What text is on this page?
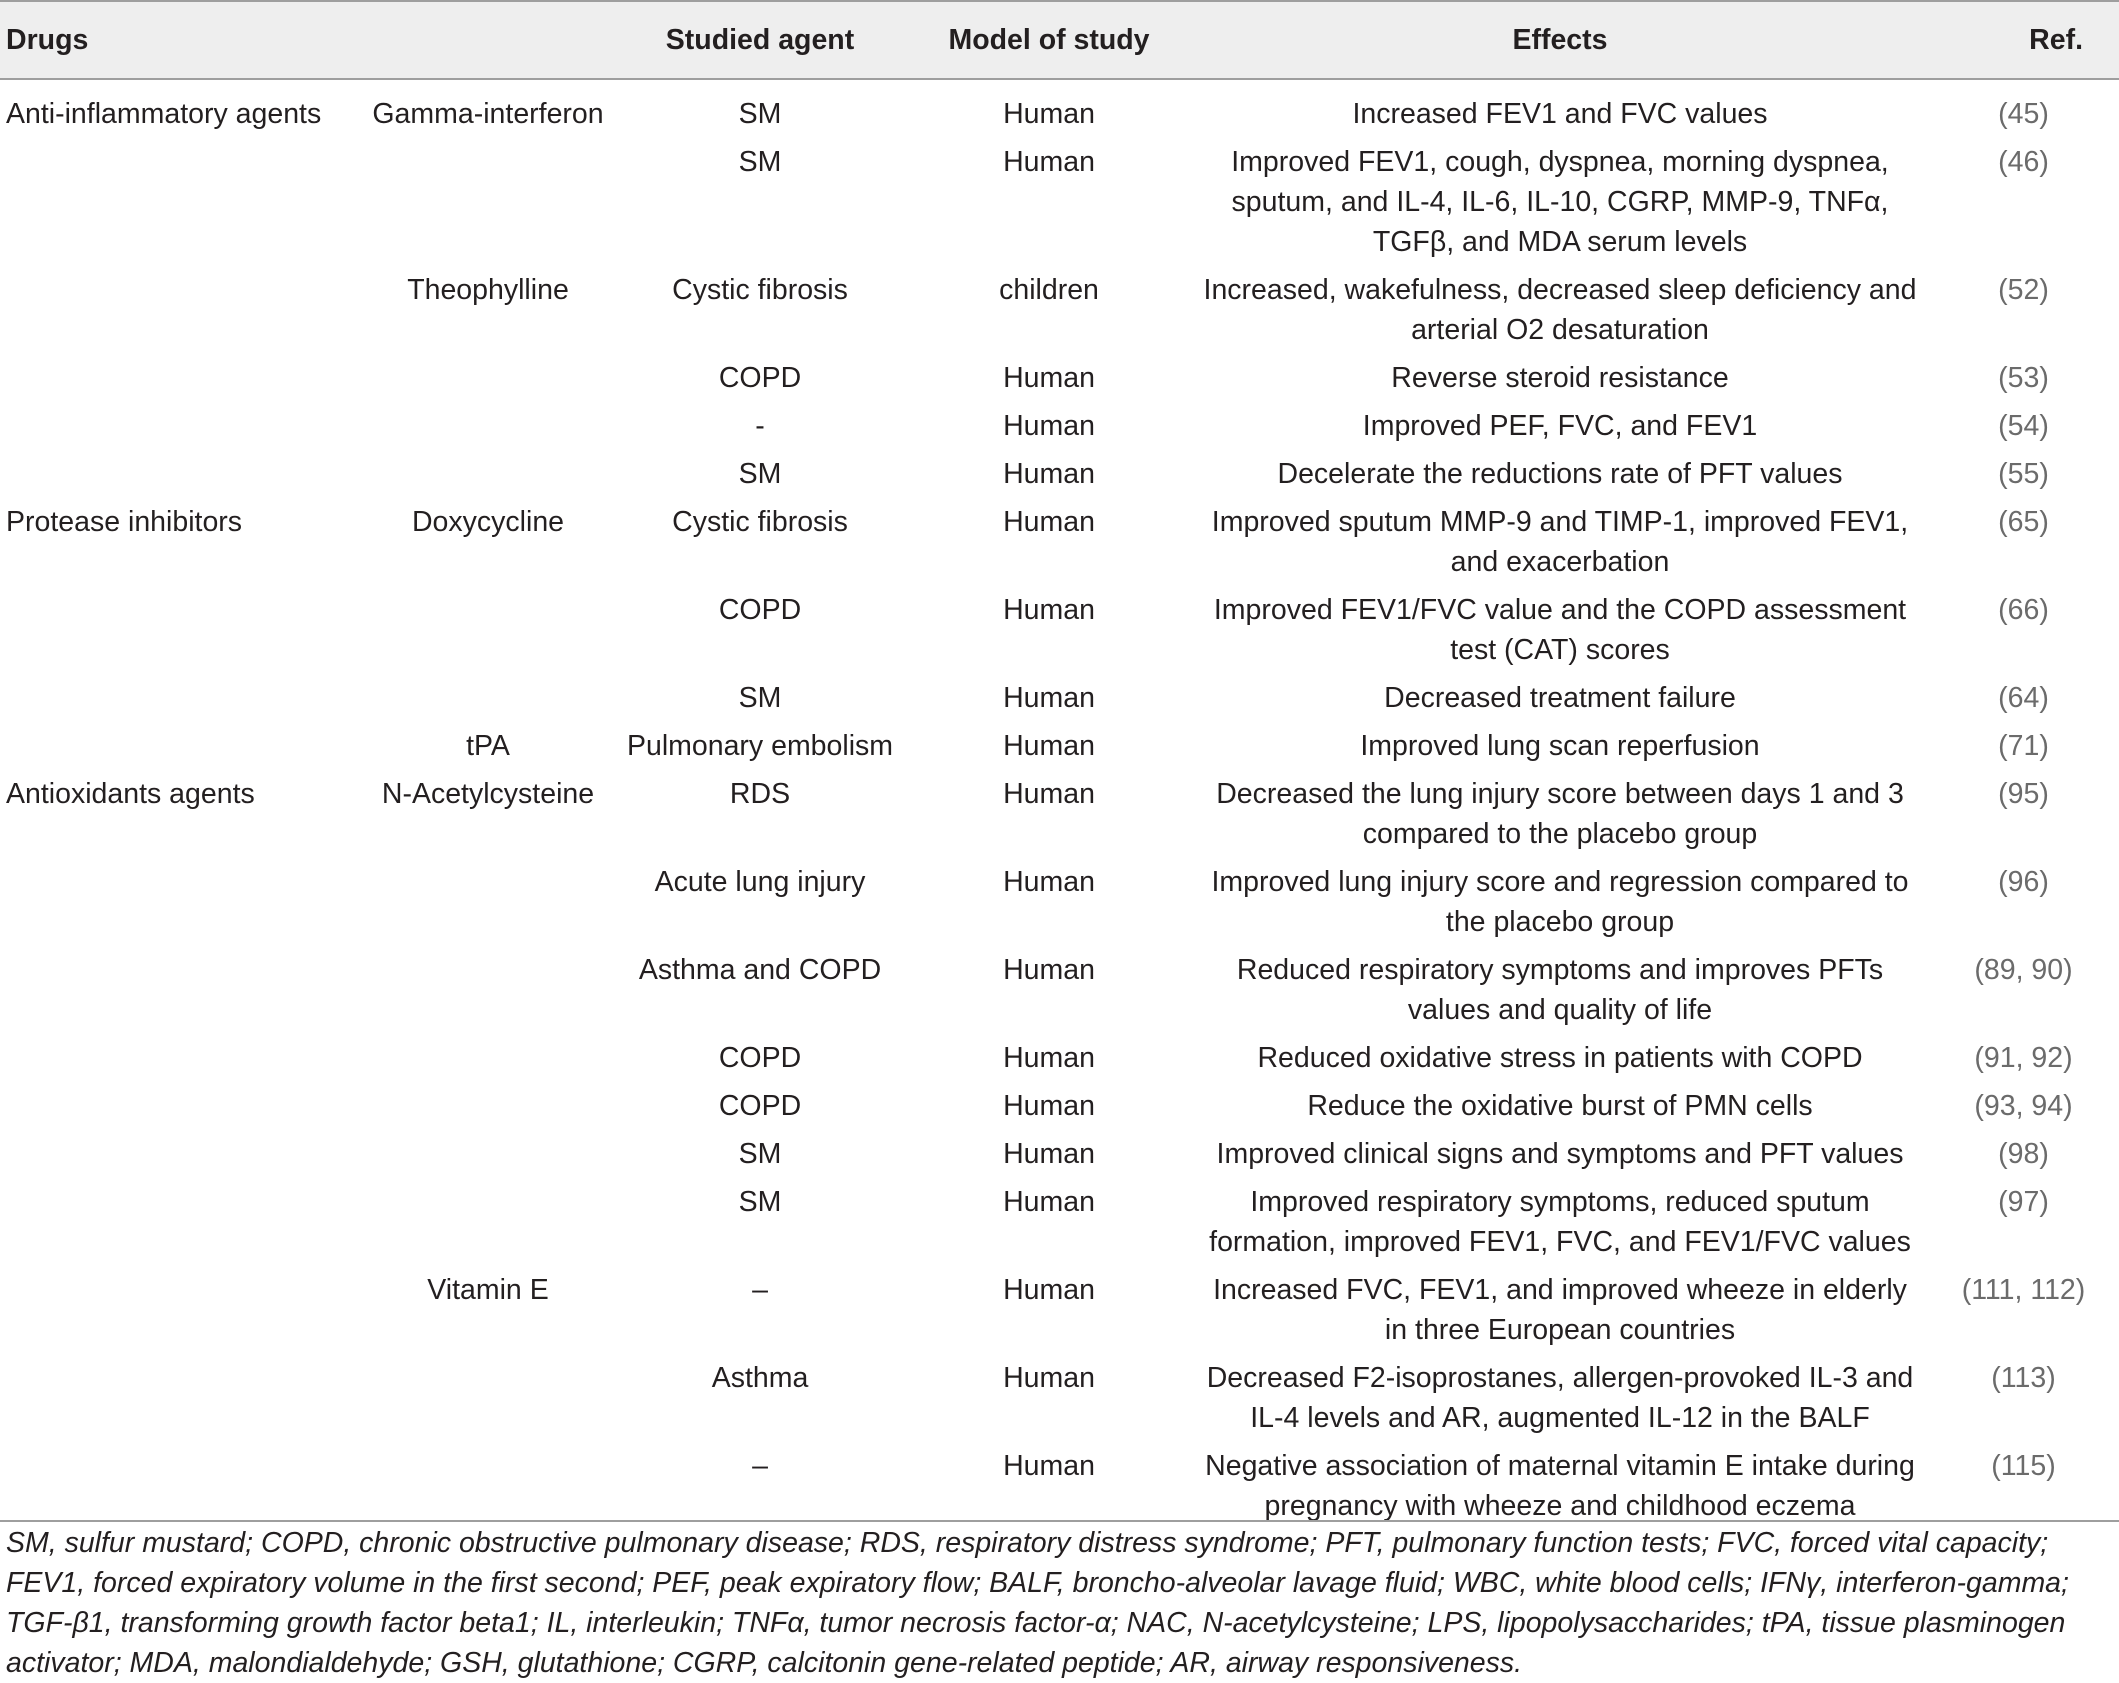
Drugs		Studied agent	Model of study	Effects	Ref.

Anti-inflammatory agents	Gamma-interferon	SM	Human	Increased FEV1 and FVC values	(45)

		SM	Human	Improved FEV1, cough, dyspnea, morning dyspnea, sputum, and IL-4, IL-6, IL-10, CGRP, MMP-9, TNFα, TGFβ, and MDA serum levels	(46)

	Theophylline	Cystic fibrosis	children	Increased, wakefulness, decreased sleep deficiency and arterial O2 desaturation	(52)

		COPD	Human	Reverse steroid resistance	(53)

		-	Human	Improved PEF, FVC, and FEV1	(54)

		SM	Human	Decelerate the reductions rate of PFT values	(55)

Protease inhibitors	Doxycycline	Cystic fibrosis	Human	Improved sputum MMP-9 and TIMP-1, improved FEV1, and exacerbation	(65)

		COPD	Human	Improved FEV1/FVC value and the COPD assessment test (CAT) scores	(66)

		SM	Human	Decreased treatment failure	(64)

	tPA	Pulmonary embolism	Human	Improved lung scan reperfusion	(71)

Antioxidants agents	N-Acetylcysteine	RDS	Human	Decreased the lung injury score between days 1 and 3 compared to the placebo group	(95)

		Acute lung injury	Human	Improved lung injury score and regression compared to the placebo group	(96)

		Asthma and COPD	Human	Reduced respiratory symptoms and improves PFTs values and quality of life	(89, 90)

		COPD	Human	Reduced oxidative stress in patients with COPD	(91, 92)

		COPD	Human	Reduce the oxidative burst of PMN cells	(93, 94)

		SM	Human	Improved clinical signs and symptoms and PFT values	(98)

		SM	Human	Improved respiratory symptoms, reduced sputum formation, improved FEV1, FVC, and FEV1/FVC values	(97)

	Vitamin E	–	Human	Increased FVC, FEV1, and improved wheeze in elderly in three European countries	(111, 112)

		Asthma	Human	Decreased F2-isoprostanes, allergen-provoked IL-3 and IL-4 levels and AR, augmented IL-12 in the BALF	(113)

		–	Human	Negative association of maternal vitamin E intake during pregnancy with wheeze and childhood eczema	(115)
SM, sulfur mustard; COPD, chronic obstructive pulmonary disease; RDS, respiratory distress syndrome; PFT, pulmonary function tests; FVC, forced vital capacity; FEV1, forced expiratory volume in the first second; PEF, peak expiratory flow; BALF, broncho-alveolar lavage fluid; WBC, white blood cells; IFNγ, interferon-gamma; TGF-β1, transforming growth factor beta1; IL, interleukin; TNFα, tumor necrosis factor-α; NAC, N-acetylcysteine; LPS, lipopolysaccharides; tPA, tissue plasminogen activator; MDA, malondialdehyde; GSH, glutathione; CGRP, calcitonin gene-related peptide; AR, airway responsiveness.
